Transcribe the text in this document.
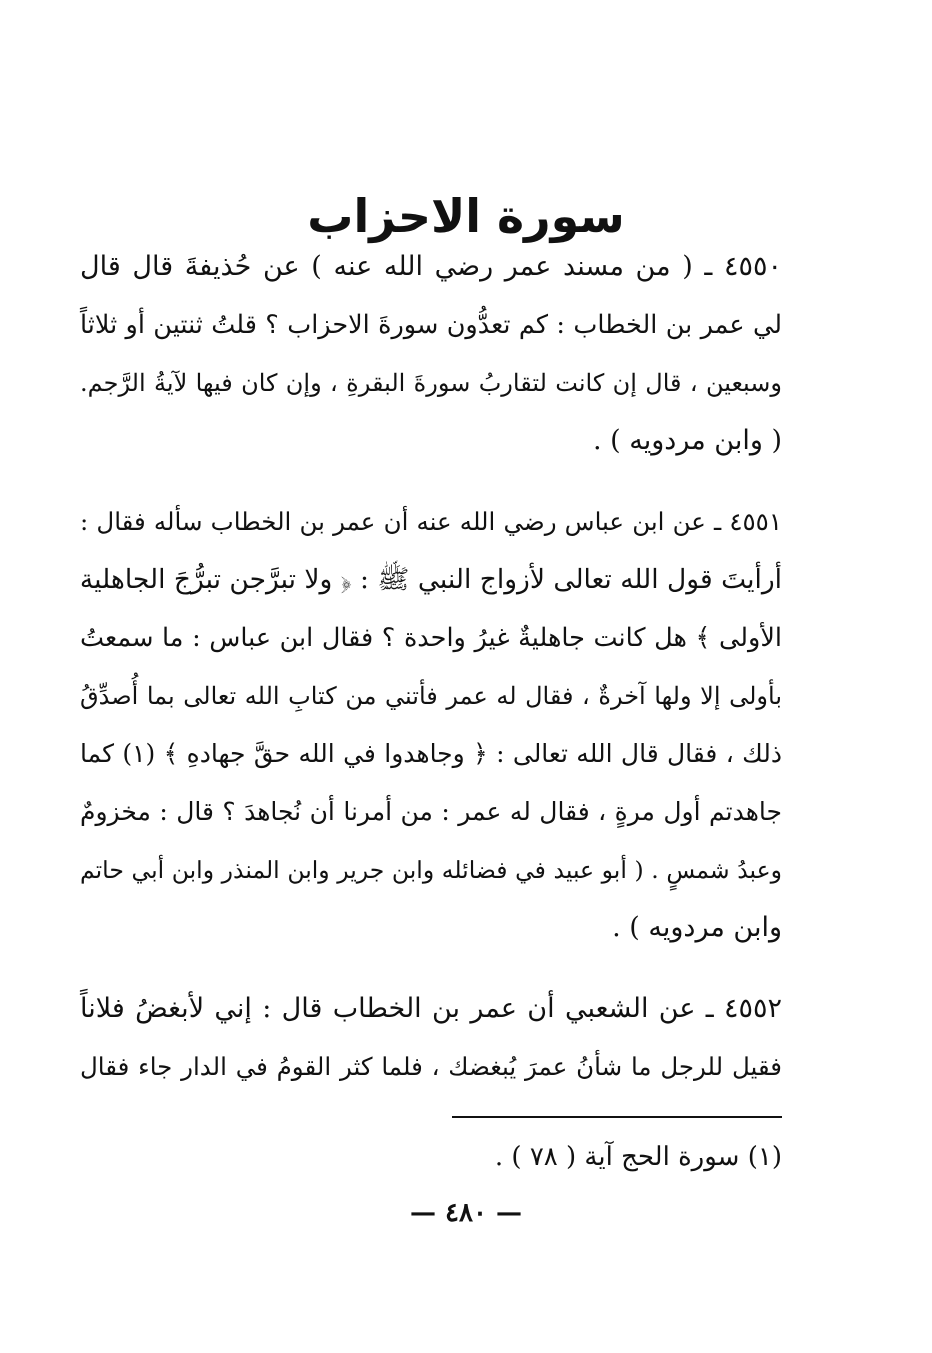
سورة الاحزاب
٤٥٥٠ ـ ( من مسند عمر رضي الله عنه ) عن حُذيفةَ قال قال
لي عمر بن الخطاب : كم تعدُّون سورةَ الاحزاب ؟ قلتُ ثنتين أو ثلاثاً
وسبعين ، قال إن كانت لتقاربُ سورةَ البقرةِ ، وإن كان فيها لآيةُ الرَّجم.
( وابن مردويه ) .
٤٥٥١ ـ عن ابن عباس رضي الله عنه أن عمر بن الخطاب سأله فقال :
أرأيتَ قول الله تعالى لأزواج النبي ﷺ : ﴿ ولا تبرَّجن تبرُّجَ الجاهلية
الأولى ﴾ هل كانت جاهليةٌ غيرُ واحدة ؟ فقال ابن عباس : ما سمعتُ
بأولى إلا ولها آخرةٌ ، فقال له عمر فأتني من كتابِ الله تعالى بما أُصدِّقُ
ذلك ، فقال قال الله تعالى : ﴿ وجاهدوا في الله حقَّ جهادهِ ﴾ (١) كما
جاهدتم أول مرةٍ ، فقال له عمر : من أمرنا أن نُجاهدَ ؟ قال : مخزومٌ
وعبدُ شمسٍ . ( أبو عبيد في فضائله وابن جرير وابن المنذر وابن أبي حاتم
وابن مردويه ) .
٤٥٥٢ ـ عن الشعبي أن عمر بن الخطاب قال : إني لأبغضُ فلاناً
فقيل للرجل ما شأنُ عمرَ يُبغضك ، فلما كثر القومُ في الدار جاء فقال
(١) سورة الحج آية ( ٧٨ ) .
— ٤٨٠ —
